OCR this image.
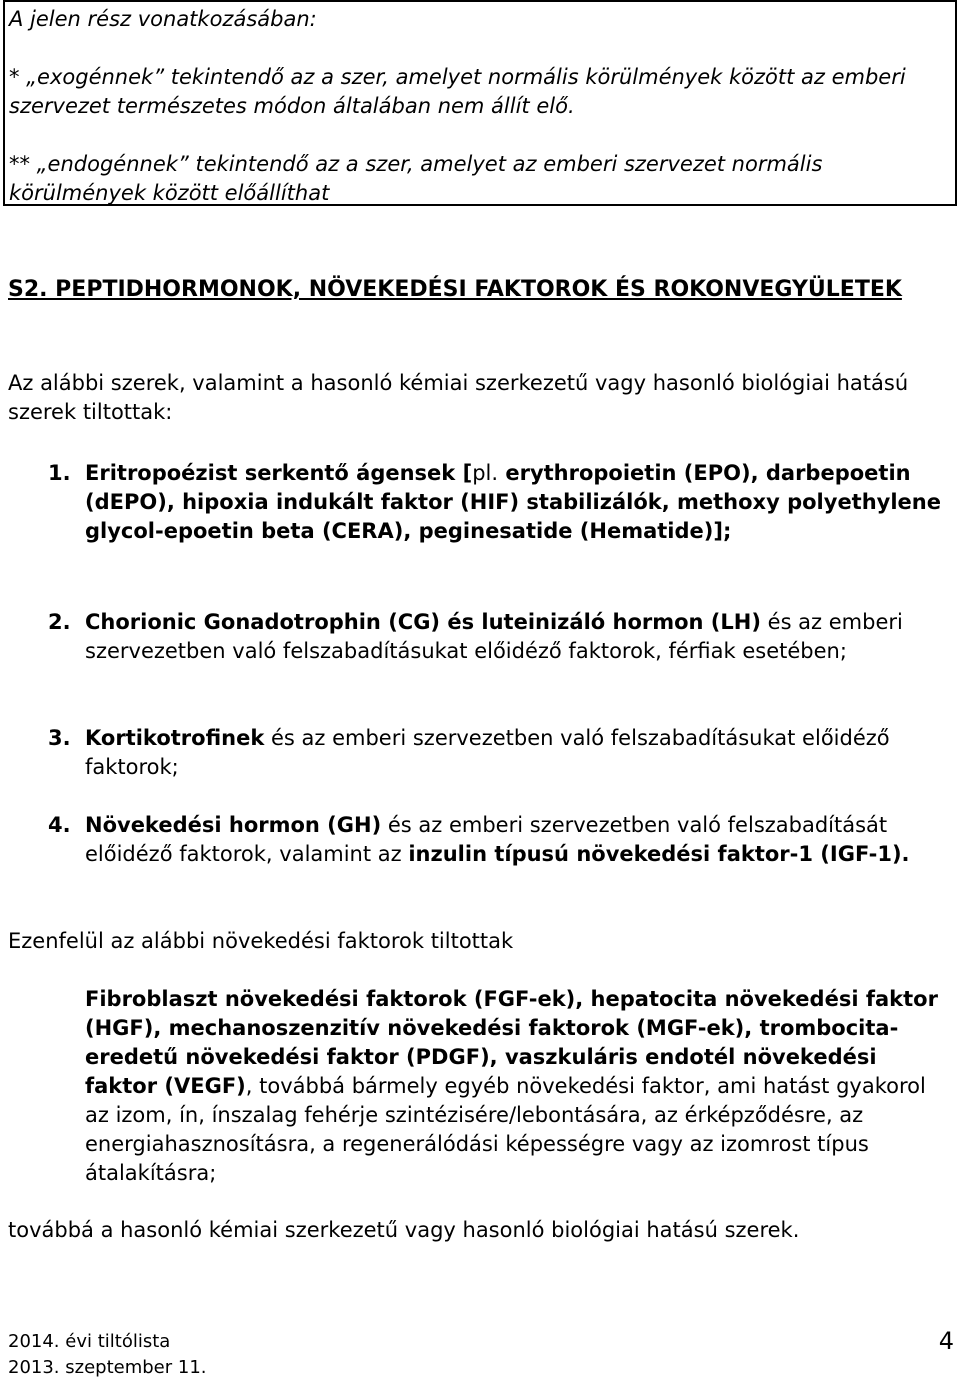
A jelen rész vonatkozásában:

* „exogénnek” tekintendő az a szer, amelyet normális körülmények között az emberi szervezet természetes módon általában nem állít elő.

** „endogénnek” tekintendő az a szer, amelyet az emberi szervezet normális körülmények között előállíthat

S2. PEPTIDHORMONOK, NÖVEKEDÉSI FAKTOROK ÉS ROKONVEGYÜLETEK

Az alábbi szerek, valamint a hasonló kémiai szerkezetű vagy hasonló biológiai hatású szerek tiltottak:

1. Eritropoézist serkentő ágensek [pl. erythropoietin (EPO), darbepoetin (dEPO), hipoxia indukált faktor (HIF) stabilizálók, methoxy polyethylene glycol-epoetin beta (CERA), peginesatide (Hematide)];
2. Chorionic Gonadotrophin (CG) és luteinizáló hormon (LH) és az emberi szervezetben való felszabadításukat előidéző faktorok, férfiak esetében;
3. Kortikotrofinek és az emberi szervezetben való felszabadításukat előidéző faktorok;
4. Növekedési hormon (GH) és az emberi szervezetben való felszabadítását előidéző faktorok, valamint az inzulin típusú növekedési faktor-1 (IGF-1).

Ezenfelül az alábbi növekedési faktorok tiltottak

Fibroblaszt növekedési faktorok (FGF-ek), hepatocita növekedési faktor (HGF), mechanoszenzitív növekedési faktorok (MGF-ek), trombocita-eredetű növekedési faktor (PDGF), vaszkuláris endotél növekedési faktor (VEGF), továbbá bármely egyéb növekedési faktor, ami hatást gyakorol az izom, ín, ínszalag fehérje szintézisére/lebontására, az érképződésre, az energiahasznosításra, a regenerálódási képességre vagy az izomrost típus átalakításra;

továbbá a hasonló kémiai szerkezetű vagy hasonló biológiai hatású szerek.

2014. évi tiltólista
2013. szeptember 11.
4
